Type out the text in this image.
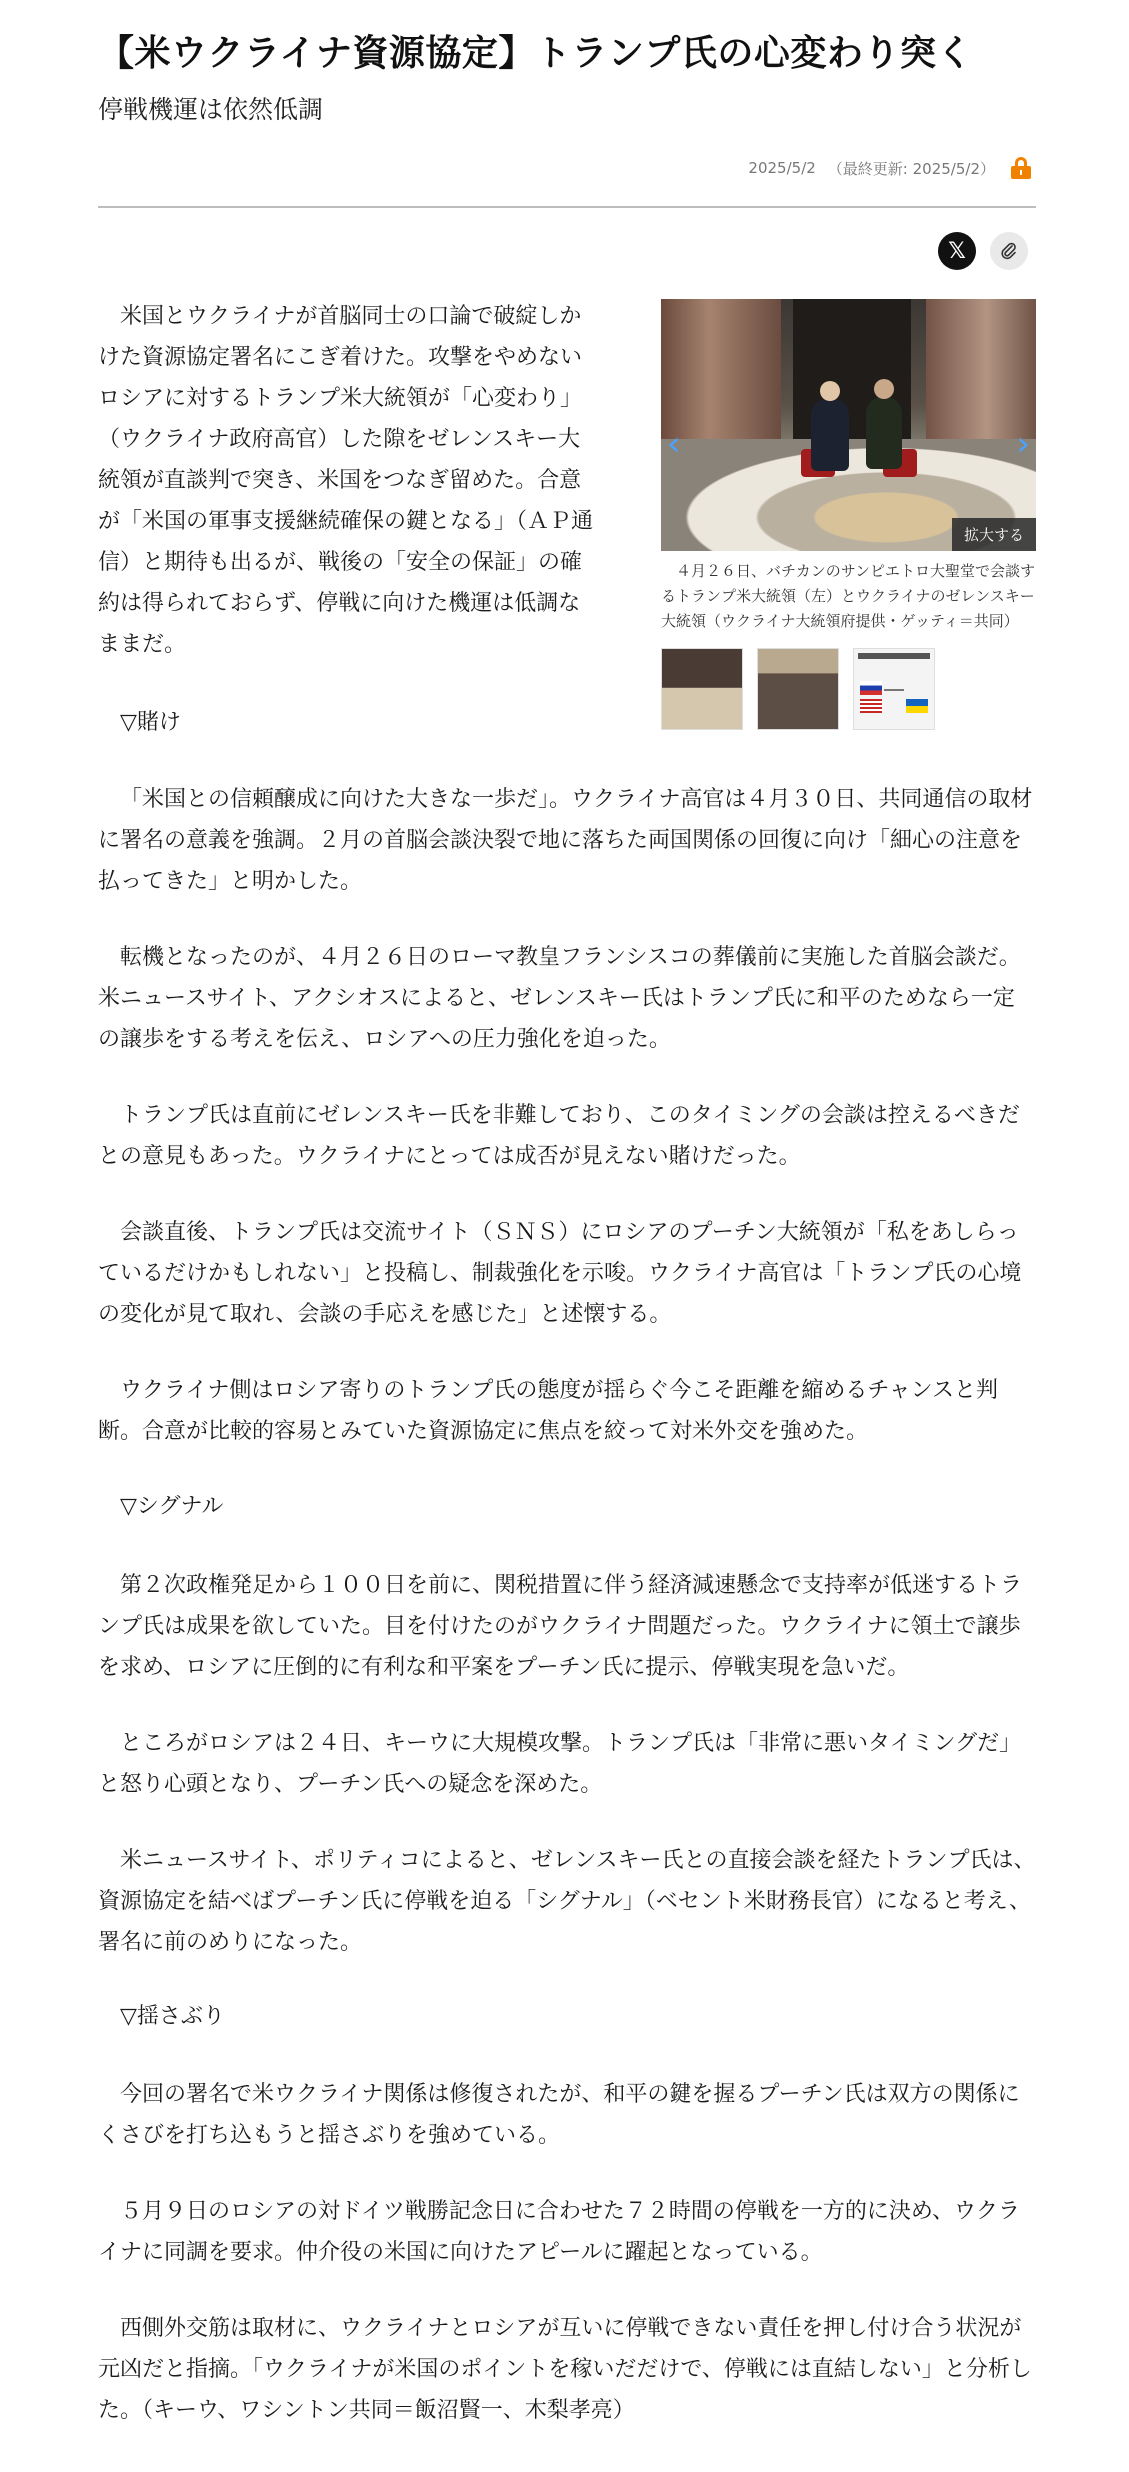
【米ウクライナ資源協定】トランプ氏の心変わり突く
停戦機運は依然低調
2025/5/2 （最終更新: 2025/5/2）
𝕏

米国とウクライナが首脳同士の口論で破綻しかけた資源協定署名にこぎ着けた。攻撃をやめないロシアに対するトランプ米大統領が「心変わり」（ウクライナ政府高官）した隙をゼレンスキー大統領が直談判で突き、米国をつなぎ留めた。合意が「米国の軍事支援継続確保の鍵となる」（ＡＰ通信）と期待も出るが、戦後の「安全の保証」の確約は得られておらず、停戦に向けた機運は低調なままだ。

‹	›
拡大する
４月２６日、バチカンのサンピエトロ大聖堂で会談するトランプ米大統領（左）とウクライナのゼレンスキー大統領（ウクライナ大統領府提供・ゲッティ＝共同）

▽賭け

「米国との信頼醸成に向けた大きな一歩だ」。ウクライナ高官は４月３０日、共同通信の取材に署名の意義を強調。２月の首脳会談決裂で地に落ちた両国関係の回復に向け「細心の注意を払ってきた」と明かした。

転機となったのが、４月２６日のローマ教皇フランシスコの葬儀前に実施した首脳会談だ。米ニュースサイト、アクシオスによると、ゼレンスキー氏はトランプ氏に和平のためなら一定の譲歩をする考えを伝え、ロシアへの圧力強化を迫った。

トランプ氏は直前にゼレンスキー氏を非難しており、このタイミングの会談は控えるべきだとの意見もあった。ウクライナにとっては成否が見えない賭けだった。

会談直後、トランプ氏は交流サイト（ＳＮＳ）にロシアのプーチン大統領が「私をあしらっているだけかもしれない」と投稿し、制裁強化を示唆。ウクライナ高官は「トランプ氏の心境の変化が見て取れ、会談の手応えを感じた」と述懐する。

ウクライナ側はロシア寄りのトランプ氏の態度が揺らぐ今こそ距離を縮めるチャンスと判断。合意が比較的容易とみていた資源協定に焦点を絞って対米外交を強めた。

▽シグナル

第２次政権発足から１００日を前に、関税措置に伴う経済減速懸念で支持率が低迷するトランプ氏は成果を欲していた。目を付けたのがウクライナ問題だった。ウクライナに領土で譲歩を求め、ロシアに圧倒的に有利な和平案をプーチン氏に提示、停戦実現を急いだ。

ところがロシアは２４日、キーウに大規模攻撃。トランプ氏は「非常に悪いタイミングだ」と怒り心頭となり、プーチン氏への疑念を深めた。

米ニュースサイト、ポリティコによると、ゼレンスキー氏との直接会談を経たトランプ氏は、資源協定を結べばプーチン氏に停戦を迫る「シグナル」（ベセント米財務長官）になると考え、署名に前のめりになった。

▽揺さぶり

今回の署名で米ウクライナ関係は修復されたが、和平の鍵を握るプーチン氏は双方の関係にくさびを打ち込もうと揺さぶりを強めている。

５月９日のロシアの対ドイツ戦勝記念日に合わせた７２時間の停戦を一方的に決め、ウクライナに同調を要求。仲介役の米国に向けたアピールに躍起となっている。

西側外交筋は取材に、ウクライナとロシアが互いに停戦できない責任を押し付け合う状況が元凶だと指摘。「ウクライナが米国のポイントを稼いだだけで、停戦には直結しない」と分析した。（キーウ、ワシントン共同＝飯沼賢一、木梨孝亮）
